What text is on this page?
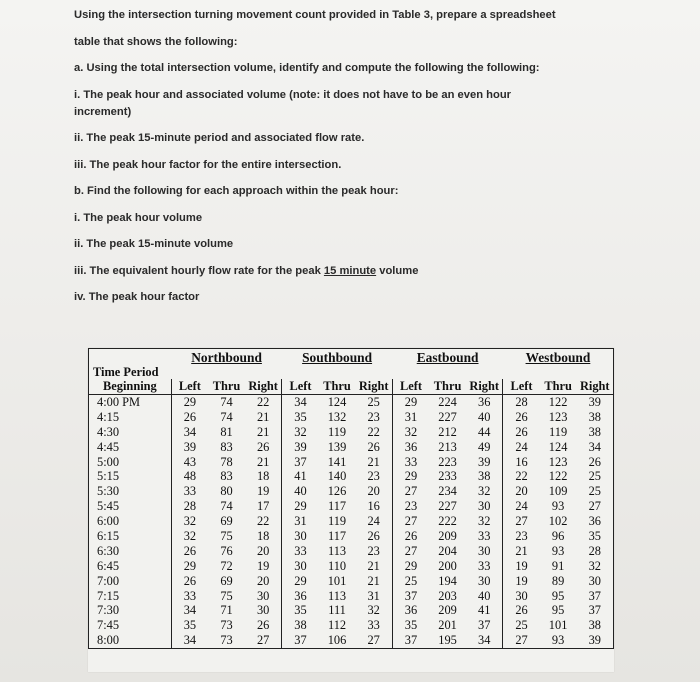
Using the intersection turning movement count provided in Table 3, prepare a spreadsheet
table that shows the following:
a. Using the total intersection volume, identify and compute the following the following:
i. The peak hour and associated volume (note: it does not have to be an even hour
increment)
ii. The peak 15-minute period and associated flow rate.
iii. The peak hour factor for the entire intersection.
b. Find the following for each approach within the peak hour:
i. The peak hour volume
ii. The peak 15-minute volume
iii. The equivalent hourly flow rate for the peak 15 minute volume
iv. The peak hour factor
	Northbound			Southbound			Eastbound			Westbound		
Time Period												
Beginning	Left	Thru	Right	Left	Thru	Right	Left	Thru	Right	Left	Thru	Right
4:00 PM	29	74	22	34	124	25	29	224	36	28	122	39
4:15	26	74	21	35	132	23	31	227	40	26	123	38
4:30	34	81	21	32	119	22	32	212	44	26	119	38
4:45	39	83	26	39	139	26	36	213	49	24	124	34
5:00	43	78	21	37	141	21	33	223	39	16	123	26
5:15	48	83	18	41	140	23	29	233	38	22	122	25
5:30	33	80	19	40	126	20	27	234	32	20	109	25
5:45	28	74	17	29	117	16	23	227	30	24	93	27
6:00	32	69	22	31	119	24	27	222	32	27	102	36
6:15	32	75	18	30	117	26	26	209	33	23	96	35
6:30	26	76	20	33	113	23	27	204	30	21	93	28
6:45	29	72	19	30	110	21	29	200	33	19	91	32
7:00	26	69	20	29	101	21	25	194	30	19	89	30
7:15	33	75	30	36	113	31	37	203	40	30	95	37
7:30	34	71	30	35	111	32	36	209	41	26	95	37
7:45	35	73	26	38	112	33	35	201	37	25	101	38
8:00	34	73	27	37	106	27	37	195	34	27	93	39
